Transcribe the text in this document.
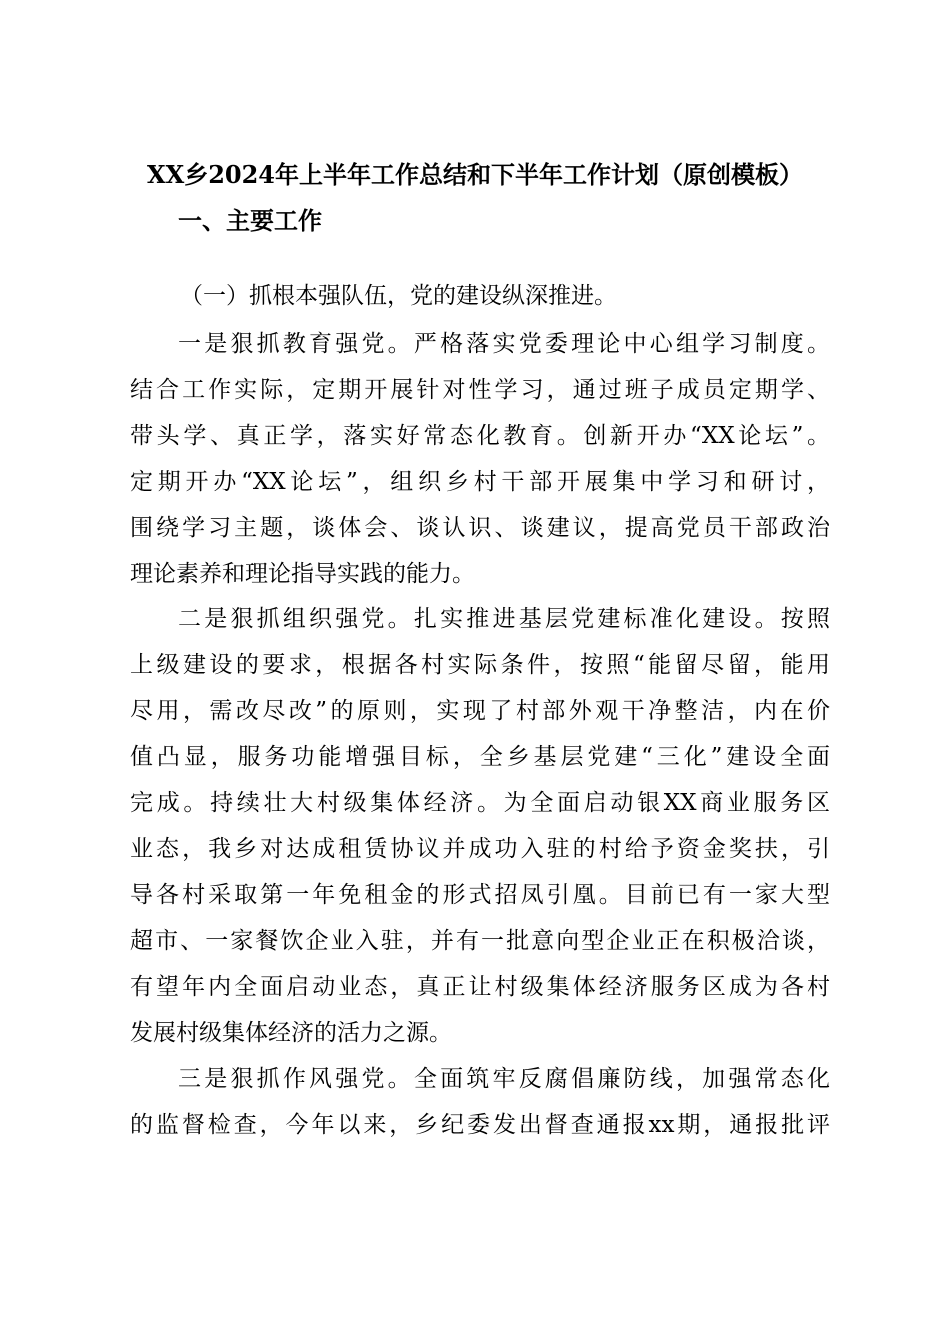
XX乡2024年上半年工作总结和下半年工作计划（原创模板）
一、主要工作
（一）抓根本强队伍，党的建设纵深推进。
一是狠抓教育强党。严格落实党委理论中心组学习制度。
结合工作实际，定期开展针对性学习，通过班子成员定期学、
带头学、真正学，落实好常态化教育。创新开办“XX论坛”。
定期开办“XX论坛”，组织乡村干部开展集中学习和研讨，
围绕学习主题，谈体会、谈认识、谈建议，提高党员干部政治
理论素养和理论指导实践的能力。
二是狠抓组织强党。扎实推进基层党建标准化建设。按照
上级建设的要求，根据各村实际条件，按照“能留尽留，能用
尽用，需改尽改”的原则，实现了村部外观干净整洁，内在价
值凸显，服务功能增强目标，全乡基层党建“三化”建设全面
完成。持续壮大村级集体经济。为全面启动银XX商业服务区
业态，我乡对达成租赁协议并成功入驻的村给予资金奖扶，引
导各村采取第一年免租金的形式招凤引凰。目前已有一家大型
超市、一家餐饮企业入驻，并有一批意向型企业正在积极洽谈，
有望年内全面启动业态，真正让村级集体经济服务区成为各村
发展村级集体经济的活力之源。
三是狠抓作风强党。全面筑牢反腐倡廉防线，加强常态化
的监督检查，今年以来，乡纪委发出督查通报xx期，通报批评
